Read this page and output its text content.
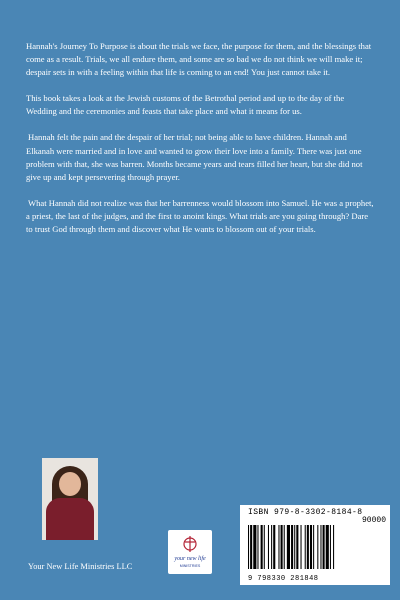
Hannah's Journey To Purpose is about the trials we face, the purpose for them, and the blessings that come as a result. Trials, we all endure them, and some are so bad we do not think we will make it; despair sets in with a feeling within that life is coming to an end! You just cannot take it.

This book takes a look at the Jewish customs of the Betrothal period and up to the day of the Wedding and the ceremonies and feasts that take place and what it means for us.

Hannah felt the pain and the despair of her trial; not being able to have children. Hannah and Elkanah were married and in love and wanted to grow their love into a family. There was just one problem with that, she was barren. Months became years and tears filled her heart, but she did not give up and kept persevering through prayer.

What Hannah did not realize was that her barrenness would blossom into Samuel. He was a prophet, a priest, the last of the judges, and the first to anoint kings. What trials are you going through? Dare to trust God through them and discover what He wants to blossom out of your trials.

Your New Life Ministries LLC
your new life
MINISTRIES
ISBN 979-8-3302-8184-8
90000
9 798330 281848
